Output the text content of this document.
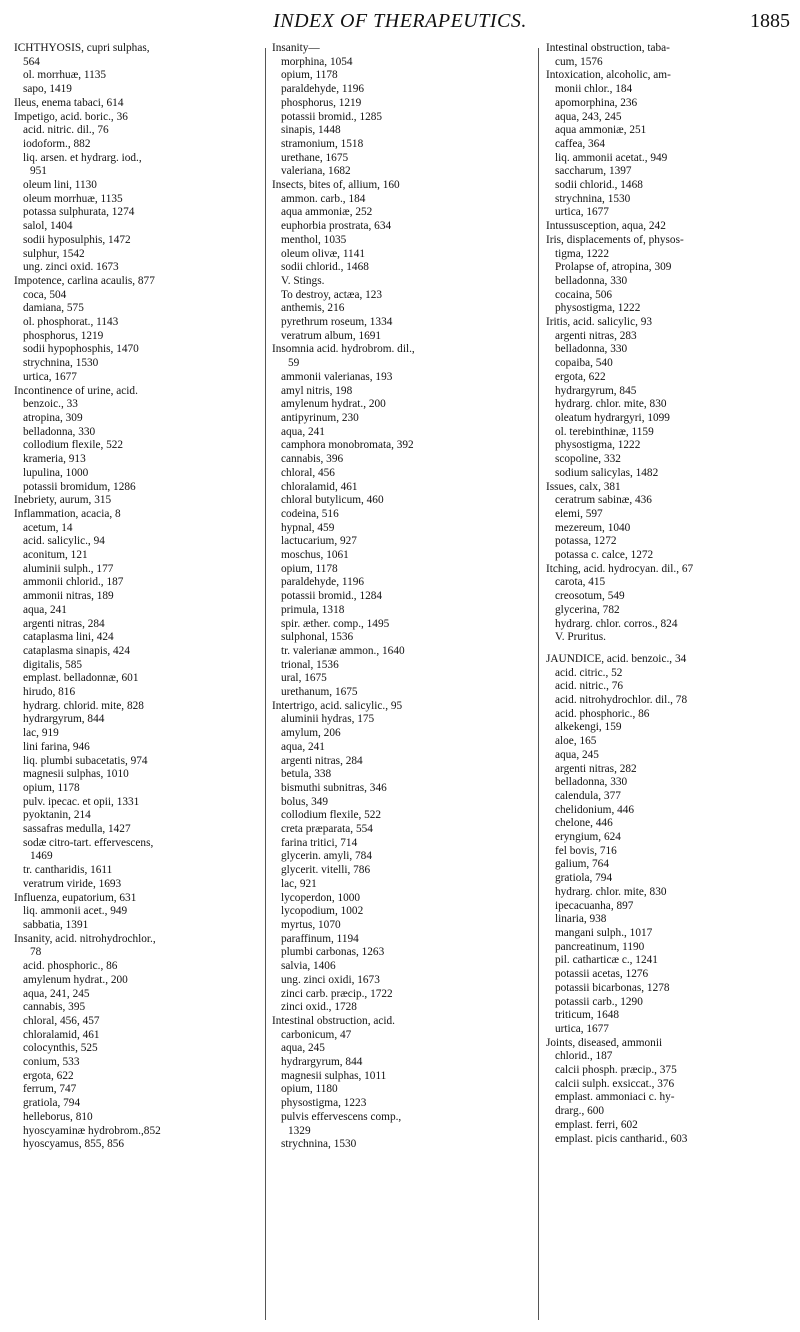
INDEX OF THERAPEUTICS.	1885
ICHTHYOSIS, cupri sulphas,
564
ol. morrhuæ, 1135
sapo, 1419
Ileus, enema tabaci, 614
Impetigo, acid. boric., 36
acid. nitric. dil., 76
iodoform., 882
liq. arsen. et hydrarg. iod.,
951
oleum lini, 1130
oleum morrhuæ, 1135
potassa sulphurata, 1274
salol, 1404
sodii hyposulphis, 1472
sulphur, 1542
ung. zinci oxid. 1673
Impotence, carlina acaulis, 877
coca, 504
damiana, 575
ol. phosphorat., 1143
phosphorus, 1219
sodii hypophosphis, 1470
strychnina, 1530
urtica, 1677
Incontinence of urine, acid.
benzoic., 33
atropina, 309
belladonna, 330
collodium flexile, 522
krameria, 913
lupulina, 1000
potassii bromidum, 1286
Inebriety, aurum, 315
Inflammation, acacia, 8
acetum, 14
acid. salicylic., 94
aconitum, 121
aluminii sulph., 177
ammonii chlorid., 187
ammonii nitras, 189
aqua, 241
argenti nitras, 284
cataplasma lini, 424
cataplasma sinapis, 424
digitalis, 585
emplast. belladonnæ, 601
hirudo, 816
hydrarg. chlorid. mite, 828
hydrargyrum, 844
lac, 919
lini farina, 946
liq. plumbi subacetatis, 974
magnesii sulphas, 1010
opium, 1178
pulv. ipecac. et opii, 1331
pyoktanin, 214
sassafras medulla, 1427
sodæ citro-tart. effervescens,
1469
tr. cantharidis, 1611
veratrum viride, 1693
Influenza, eupatorium, 631
liq. ammonii acet., 949
sabbatia, 1391
Insanity, acid. nitrohydrochlor.,
78
acid. phosphoric., 86
amylenum hydrat., 200
aqua, 241, 245
cannabis, 395
chloral, 456, 457
chloralamid, 461
colocynthis, 525
conium, 533
ergota, 622
ferrum, 747
gratiola, 794
helleborus, 810
hyoscyaminæ hydrobrom.,852
hyoscyamus, 855, 856
Insanity—
morphina, 1054
opium, 1178
paraldehyde, 1196
phosphorus, 1219
potassii bromid., 1285
sinapis, 1448
stramonium, 1518
urethane, 1675
valeriana, 1682
Insects, bites of, allium, 160
ammon. carb., 184
aqua ammoniæ, 252
euphorbia prostrata, 634
menthol, 1035
oleum olivæ, 1141
sodii chlorid., 1468
V. Stings.
To destroy, actæa, 123
anthemis, 216
pyrethrum roseum, 1334
veratrum album, 1691
Insomnia acid. hydrobrom. dil.,
59
ammonii valerianas, 193
amyl nitris, 198
amylenum hydrat., 200
antipyrinum, 230
aqua, 241
camphora monobromata, 392
cannabis, 396
chloral, 456
chloralamid, 461
chloral butylicum, 460
codeina, 516
hypnal, 459
lactucarium, 927
moschus, 1061
opium, 1178
paraldehyde, 1196
potassii bromid., 1284
primula, 1318
spir. æther. comp., 1495
sulphonal, 1536
tr. valerianæ ammon., 1640
trional, 1536
ural, 1675
urethanum, 1675
Intertrigo, acid. salicylic., 95
aluminii hydras, 175
amylum, 206
aqua, 241
argenti nitras, 284
betula, 338
bismuthi subnitras, 346
bolus, 349
collodium flexile, 522
creta præparata, 554
farina tritici, 714
glycerin. amyli, 784
glycerit. vitelli, 786
lac, 921
lycoperdon, 1000
lycopodium, 1002
myrtus, 1070
paraffinum, 1194
plumbi carbonas, 1263
salvia, 1406
ung. zinci oxidi, 1673
zinci carb. præcip., 1722
zinci oxid., 1728
Intestinal obstruction, acid.
carbonicum, 47
aqua, 245
hydrargyrum, 844
magnesii sulphas, 1011
opium, 1180
physostigma, 1223
pulvis effervescens comp.,
1329
strychnina, 1530
Intestinal obstruction, taba-
cum, 1576
Intoxication, alcoholic, am-
monii chlor., 184
apomorphina, 236
aqua, 243, 245
aqua ammoniæ, 251
caffea, 364
liq. ammonii acetat., 949
saccharum, 1397
sodii chlorid., 1468
strychnina, 1530
urtica, 1677
Intussusception, aqua, 242
Iris, displacements of, physos-
tigma, 1222
Prolapse of, atropina, 309
belladonna, 330
cocaina, 506
physostigma, 1222
Iritis, acid. salicylic, 93
argenti nitras, 283
belladonna, 330
copaiba, 540
ergota, 622
hydrargyrum, 845
hydrarg. chlor. mite, 830
oleatum hydrargyri, 1099
ol. terebinthinæ, 1159
physostigma, 1222
scopoline, 332
sodium salicylas, 1482
Issues, calx, 381
ceratrum sabinæ, 436
elemi, 597
mezereum, 1040
potassa, 1272
potassa c. calce, 1272
Itching, acid. hydrocyan. dil., 67
carota, 415
creosotum, 549
glycerina, 782
hydrarg. chlor. corros., 824
V. Pruritus.
JAUNDICE, acid. benzoic., 34
acid. citric., 52
acid. nitric., 76
acid. nitrohydrochlor. dil., 78
acid. phosphoric., 86
alkekengi, 159
aloe, 165
aqua, 245
argenti nitras, 282
belladonna, 330
calendula, 377
chelidonium, 446
chelone, 446
eryngium, 624
fel bovis, 716
galium, 764
gratiola, 794
hydrarg. chlor. mite, 830
ipecacuanha, 897
linaria, 938
mangani sulph., 1017
pancreatinum, 1190
pil. catharticæ c., 1241
potassii acetas, 1276
potassii bicarbonas, 1278
potassii carb., 1290
triticum, 1648
urtica, 1677
Joints, diseased, ammonii
chlorid., 187
calcii phosph. præcip., 375
calcii sulph. exsiccat., 376
emplast. ammoniaci c. hy-
drarg., 600
emplast. ferri, 602
emplast. picis cantharid., 603
